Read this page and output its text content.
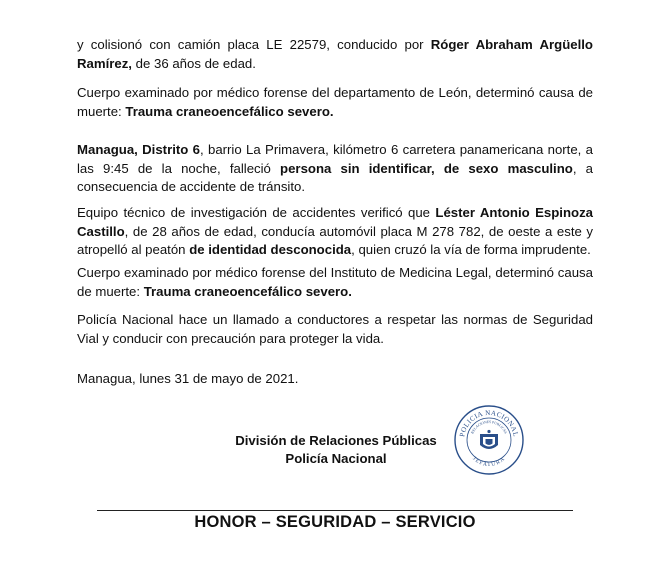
y colisionó con camión placa LE 22579, conducido por Róger Abraham Argüello Ramírez, de 36 años de edad.

Cuerpo examinado por médico forense del departamento de León, determinó causa de muerte: Trauma craneoencefálico severo.

Managua, Distrito 6, barrio La Primavera, kilómetro 6 carretera panamericana norte, a las 9:45 de la noche, falleció persona sin identificar, de sexo masculino, a consecuencia de accidente de tránsito.

Equipo técnico de investigación de accidentes verificó que Léster Antonio Espinoza Castillo, de 28 años de edad, conducía automóvil placa M 278 782, de oeste a este y atropelló al peatón de identidad desconocida, quien cruzó la vía de forma imprudente.

Cuerpo examinado por médico forense del Instituto de Medicina Legal, determinó causa de muerte: Trauma craneoencefálico severo.

Policía Nacional hace un llamado a conductores a respetar las normas de Seguridad Vial y conducir con precaución para proteger la vida.

Managua, lunes 31 de mayo de 2021.

División de Relaciones Públicas
Policía Nacional
POLICIA NACIONAL
RELACIONES PUBLICAS
JEFATURA
HONOR – SEGURIDAD – SERVICIO
